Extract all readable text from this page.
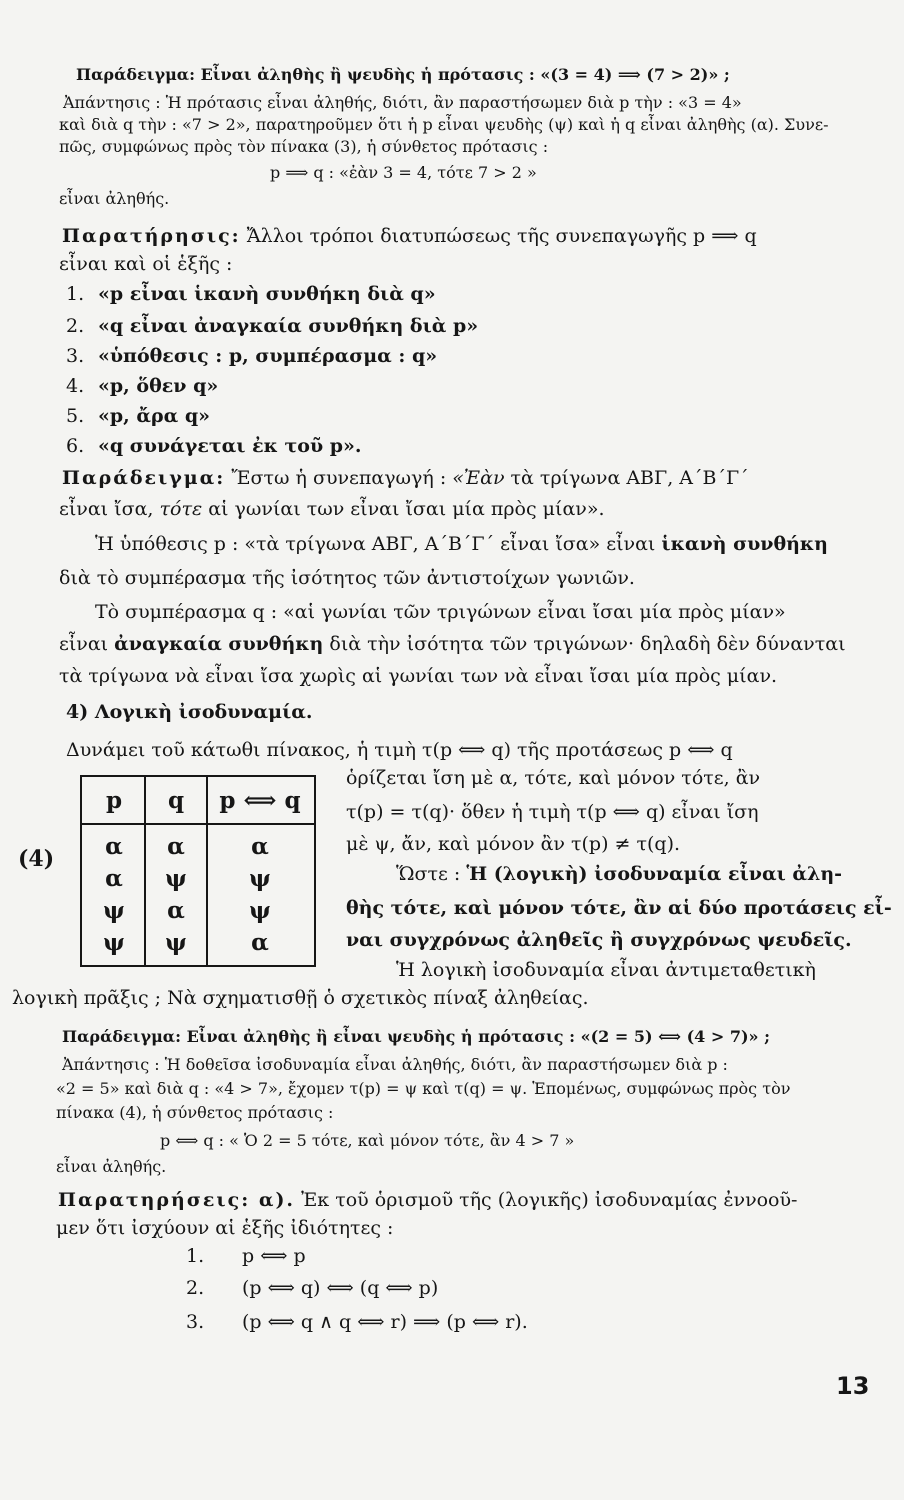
Παράδειγμα: Εἶναι ἀληθὴς ἢ ψευδὴς ἡ πρότασις : «(3 = 4) ⟹ (7 > 2)» ;
Ἀπάντησις : Ἡ πρότασις εἶναι ἀληθής, διότι, ἂν παραστήσωμεν διὰ p τὴν : «3 = 4»
καὶ διὰ q τὴν : «7 > 2», παρατηροῦμεν ὅτι ἡ p εἶναι ψευδὴς (ψ) καὶ ἡ q εἶναι ἀληθὴς (α). Συνε-
πῶς, συμφώνως πρὸς τὸν πίνακα (3), ἡ σύνθετος πρότασις :
p ⟹ q : «ἐὰν 3 = 4, τότε 7 > 2 »
εἶναι ἀληθής.
Παρατήρησις: Ἄλλοι τρόποι διατυπώσεως τῆς συνεπαγωγῆς p ⟹ q
εἶναι καὶ οἱ ἑξῆς :
1. «p εἶναι ἱκανὴ συνθήκη διὰ q»
2. «q εἶναι ἀναγκαία συνθήκη διὰ p»
3. «ὑπόθεσις : p, συμπέρασμα : q»
4. «p, ὅθεν q»
5. «p, ἄρα q»
6. «q συνάγεται ἐκ τοῦ p».
Παράδειγμα: Ἔστω ἡ συνεπαγωγή : «Ἐὰν τὰ τρίγωνα ΑΒΓ, Α΄Β΄Γ΄
εἶναι ἴσα, τότε αἱ γωνίαι των εἶναι ἴσαι μία πρὸς μίαν».
Ἡ ὑπόθεσις p : «τὰ τρίγωνα ΑΒΓ, Α΄Β΄Γ΄ εἶναι ἴσα» εἶναι ἱκανὴ συνθήκη
διὰ τὸ συμπέρασμα τῆς ἰσότητος τῶν ἀντιστοίχων γωνιῶν.
Τὸ συμπέρασμα q : «αἱ γωνίαι τῶν τριγώνων εἶναι ἴσαι μία πρὸς μίαν»
εἶναι ἀναγκαία συνθήκη διὰ τὴν ἰσότητα τῶν τριγώνων· δηλαδὴ δὲν δύνανται
τὰ τρίγωνα νὰ εἶναι ἴσα χωρὶς αἱ γωνίαι των νὰ εἶναι ἴσαι μία πρὸς μίαν.
4) Λογικὴ ἰσοδυναμία.
Δυνάμει τοῦ κάτωθι πίνακος, ἡ τιμὴ τ(p ⟺ q) τῆς προτάσεως p ⟺ q
(4)
p	q	p ⟺ q
α	α	α
α	ψ	ψ
ψ	α	ψ
ψ	ψ	α
ὁρίζεται ἴση μὲ α, τότε, καὶ μόνον τότε, ἂν
τ(p) = τ(q)· ὅθεν ἡ τιμὴ τ(p ⟺ q) εἶναι ἴση
μὲ ψ, ἄν, καὶ μόνον ἂν τ(p) ≠ τ(q).
Ὥστε : Ἡ (λογικὴ) ἰσοδυναμία εἶναι ἀλη-
θὴς τότε, καὶ μόνον τότε, ἂν αἱ δύο προτάσεις εἶ-
ναι συγχρόνως ἀληθεῖς ἢ συγχρόνως ψευδεῖς.
Ἡ λογικὴ ἰσοδυναμία εἶναι ἀντιμεταθετικὴ
λογικὴ πρᾶξις ; Νὰ σχηματισθῇ ὁ σχετικὸς πίναξ ἀληθείας.
Παράδειγμα: Εἶναι ἀληθὴς ἢ εἶναι ψευδὴς ἡ πρότασις : «(2 = 5) ⟺ (4 > 7)» ;
Ἀπάντησις : Ἡ δοθεῖσα ἰσοδυναμία εἶναι ἀληθής, διότι, ἂν παραστήσωμεν διὰ p :
«2 = 5» καὶ διὰ q : «4 > 7», ἔχομεν τ(p) = ψ καὶ τ(q) = ψ. Ἑπομένως, συμφώνως πρὸς τὸν
πίνακα (4), ἡ σύνθετος πρότασις :
p ⟺ q : « Ὁ 2 = 5 τότε, καὶ μόνον τότε, ἂν 4 > 7 »
εἶναι ἀληθής.
Παρατηρήσεις: α). Ἐκ τοῦ ὁρισμοῦ τῆς (λογικῆς) ἰσοδυναμίας ἐννοοῦ-
μεν ὅτι ἰσχύουν αἱ ἑξῆς ἰδιότητες :
1. p ⟺ p
2. (p ⟺ q) ⟺ (q ⟺ p)
3. (p ⟺ q ∧ q ⟺ r) ⟹ (p ⟺ r).
13
